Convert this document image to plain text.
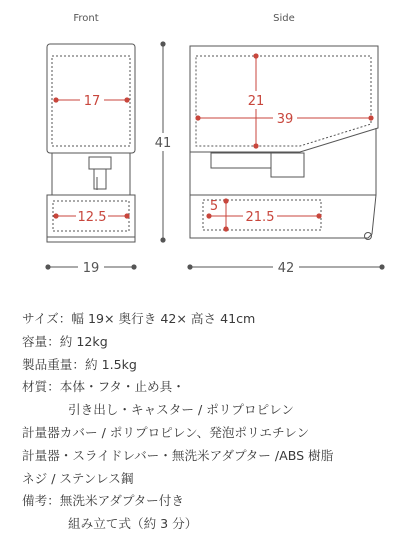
Front	Side
17
12.5
19
41
21
39
5
21.5
42
サイズ：幅 19× 奥行き 42× 高さ 41cm
容量：約 12kg
製品重量：約 1.5kg
材質：本体・フタ・止め具・
引き出し・キャスター / ポリプロピレン
計量器カバー / ポリプロピレン、発泡ポリエチレン
計量器・スライドレバー・無洗米アダプター /ABS 樹脂
ネジ / ステンレス鋼
備考：無洗米アダプター付き
組み立て式（約 3 分）
